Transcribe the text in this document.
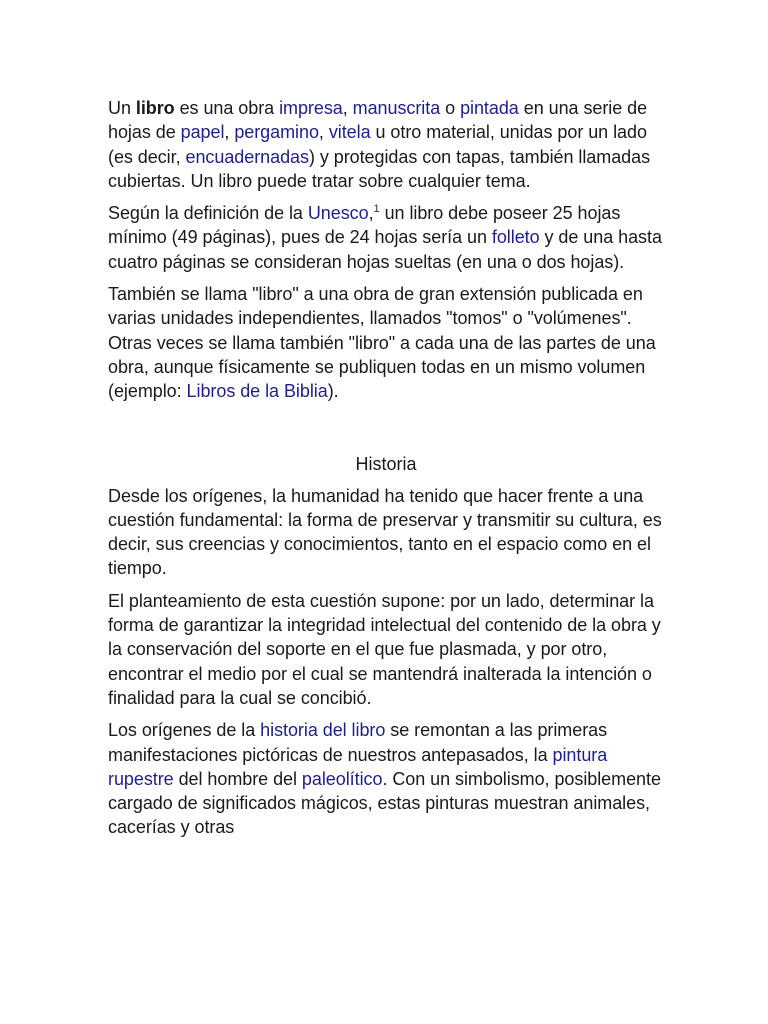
Un libro es una obra impresa, manuscrita o pintada en una serie de hojas de papel, pergamino, vitela u otro material, unidas por un lado (es decir, encuadernadas) y protegidas con tapas, también llamadas cubiertas. Un libro puede tratar sobre cualquier tema.

Según la definición de la Unesco,$^1$ un libro debe poseer 25 hojas mínimo (49 páginas), pues de 24 hojas sería un folleto y de una hasta cuatro páginas se consideran hojas sueltas (en una o dos hojas).

También se llama "libro" a una obra de gran extensión publicada en varias unidades independientes, llamados "tomos" o "volúmenes". Otras veces se llama también "libro" a cada una de las partes de una obra, aunque físicamente se publiquen todas en un mismo volumen (ejemplo: Libros de la Biblia).

Historia

Desde los orígenes, la humanidad ha tenido que hacer frente a una cuestión fundamental: la forma de preservar y transmitir su cultura, es decir, sus creencias y conocimientos, tanto en el espacio como en el tiempo.

El planteamiento de esta cuestión supone: por un lado, determinar la forma de garantizar la integridad intelectual del contenido de la obra y la conservación del soporte en el que fue plasmada, y por otro, encontrar el medio por el cual se mantendrá inalterada la intención o finalidad para la cual se concibió.

Los orígenes de la historia del libro se remontan a las primeras manifestaciones pictóricas de nuestros antepasados, la pintura rupestre del hombre del paleolítico. Con un simbolismo, posiblemente cargado de significados mágicos, estas pinturas muestran animales, cacerías y otras
